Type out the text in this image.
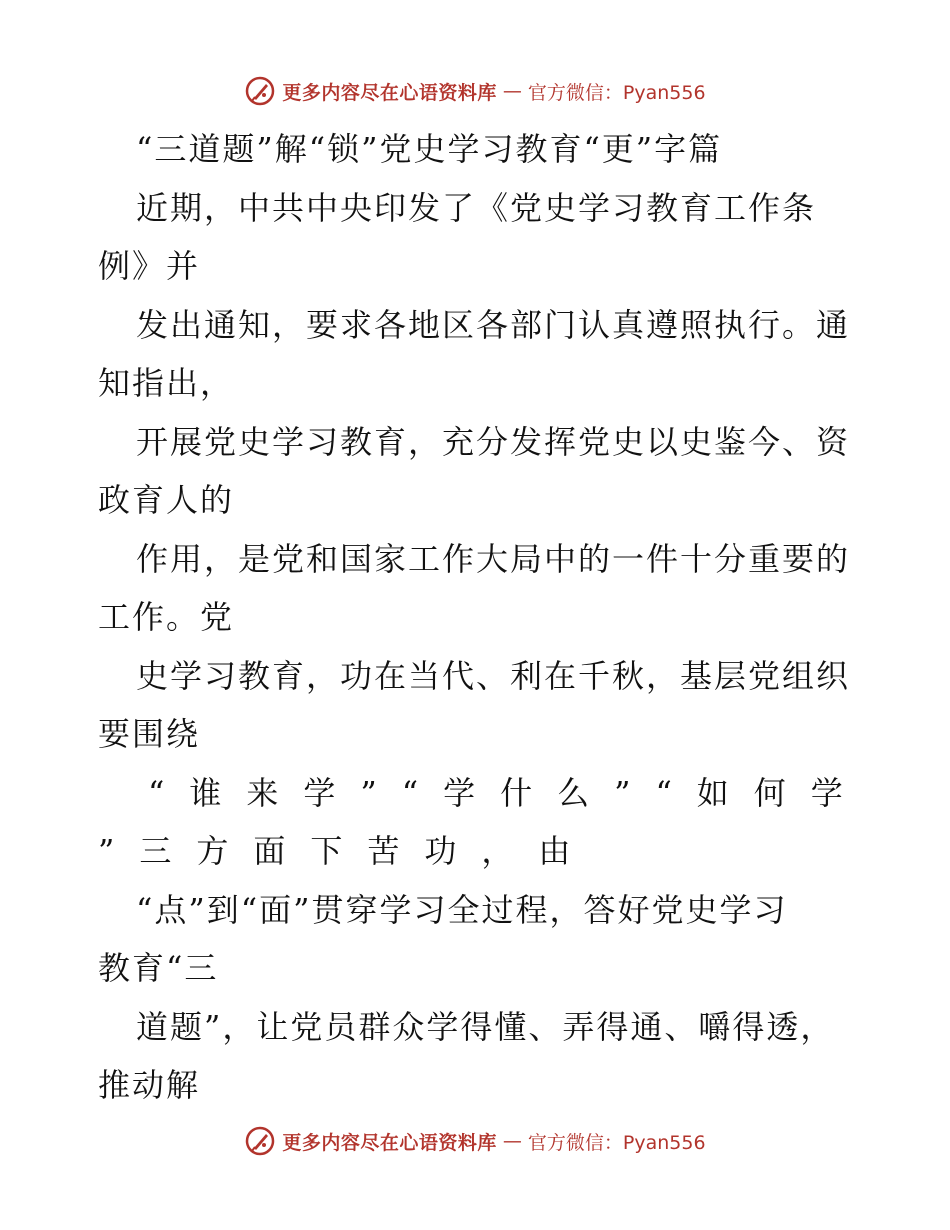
更多内容尽在心语资料库 — 官方微信：Pyan556
“三道题”解“锁”党史学习教育“更”字篇
近期，中共中央印发了《党史学习教育工作条
例》并
发出通知，要求各地区各部门认真遵照执行。通
知指出，
开展党史学习教育，充分发挥党史以史鉴今、资
政育人的
作用，是党和国家工作大局中的一件十分重要的
工作。党
史学习教育，功在当代、利在千秋，基层党组织
要围绕
“谁来学”“学什么”“如何学
”三方面下苦功，由
“点”到“面”贯穿学习全过程，答好党史学习
教育“三
道题”，让党员群众学得懂、弄得通、嚼得透，
推动解
更多内容尽在心语资料库 — 官方微信：Pyan556
